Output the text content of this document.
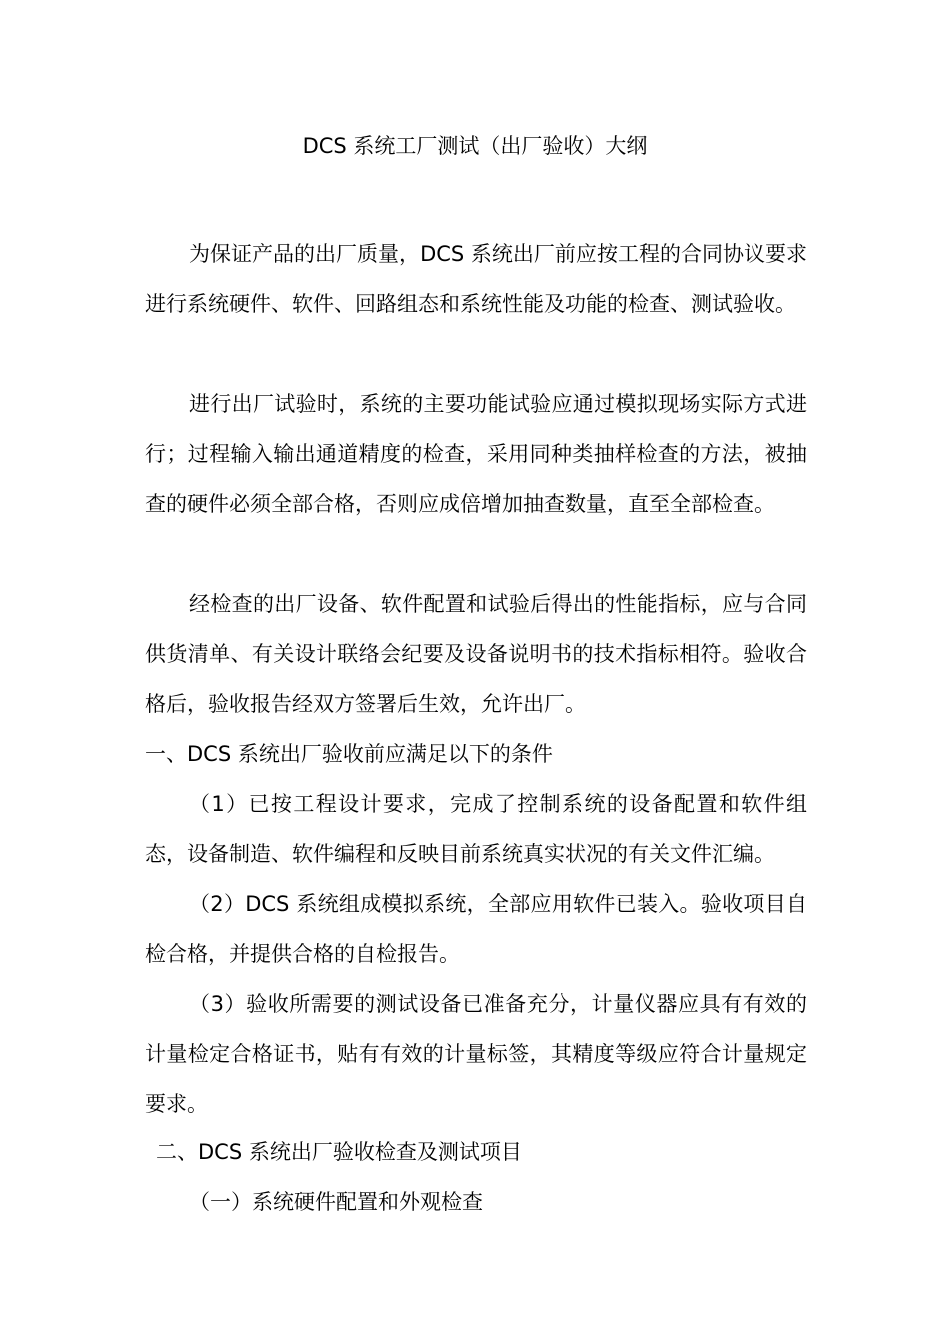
DCS 系统工厂测试（出厂验收）大纲

为保证产品的出厂质量，DCS 系统出厂前应按工程的合同协议要求进行系统硬件、软件、回路组态和系统性能及功能的检查、测试验收。

进行出厂试验时，系统的主要功能试验应通过模拟现场实际方式进行；过程输入输出通道精度的检查，采用同种类抽样检查的方法，被抽查的硬件必须全部合格，否则应成倍增加抽查数量，直至全部检查。

经检查的出厂设备、软件配置和试验后得出的性能指标，应与合同供货清单、有关设计联络会纪要及设备说明书的技术指标相符。验收合格后，验收报告经双方签署后生效，允许出厂。

一、DCS 系统出厂验收前应满足以下的条件

（1）已按工程设计要求，完成了控制系统的设备配置和软件组态，设备制造、软件编程和反映目前系统真实状况的有关文件汇编。

（2）DCS 系统组成模拟系统，全部应用软件已装入。验收项目自检合格，并提供合格的自检报告。

（3）验收所需要的测试设备已准备充分，计量仪器应具有有效的计量检定合格证书，贴有有效的计量标签，其精度等级应符合计量规定要求。

二、DCS 系统出厂验收检查及测试项目

（一）系统硬件配置和外观检查
